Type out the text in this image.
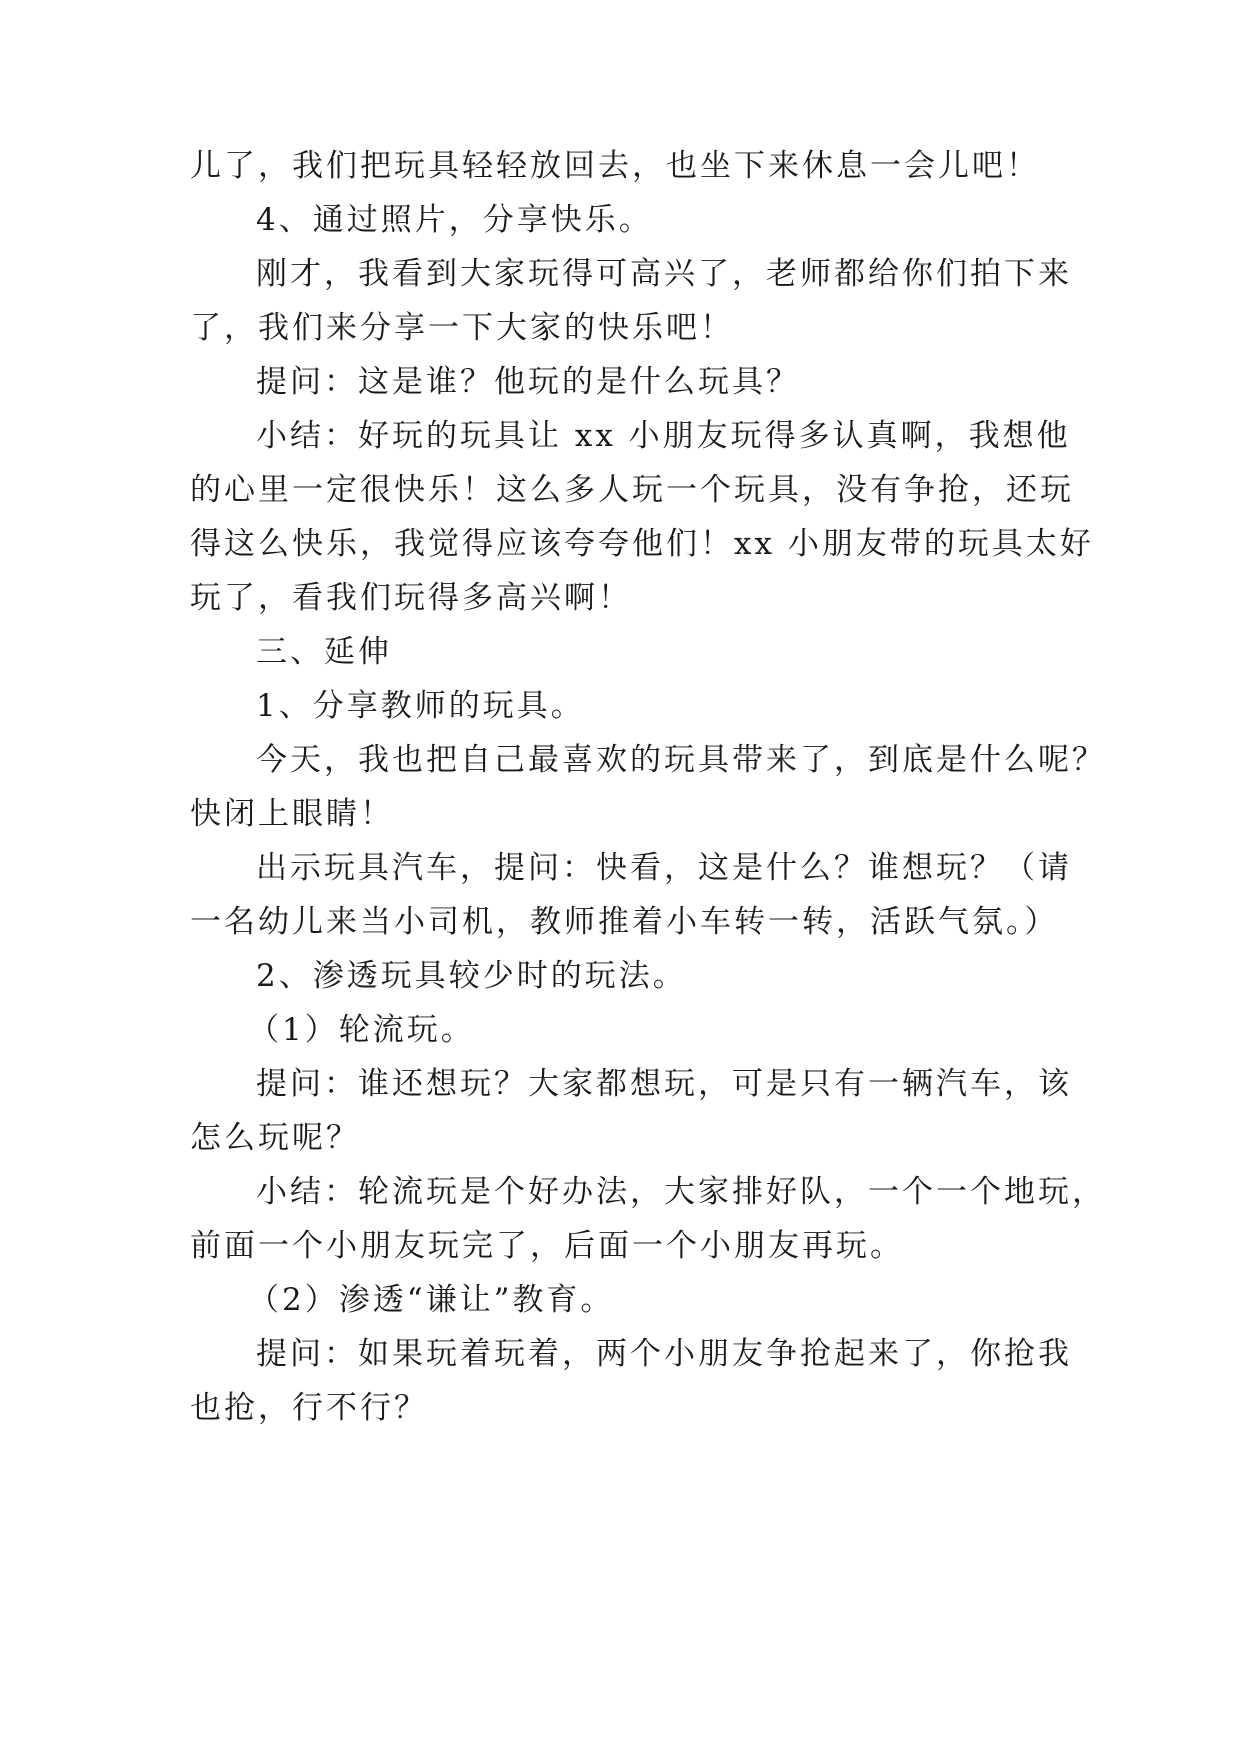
儿了，我们把玩具轻轻放回去，也坐下来休息一会儿吧！
4、通过照片，分享快乐。
刚才，我看到大家玩得可高兴了，老师都给你们拍下来
了，我们来分享一下大家的快乐吧！
提问：这是谁？他玩的是什么玩具？
小结：好玩的玩具让 xx 小朋友玩得多认真啊，我想他
的心里一定很快乐！这么多人玩一个玩具，没有争抢，还玩
得这么快乐，我觉得应该夸夸他们！xx 小朋友带的玩具太好
玩了，看我们玩得多高兴啊！
三、延伸
1、分享教师的玩具。
今天，我也把自己最喜欢的玩具带来了，到底是什么呢？
快闭上眼睛！
出示玩具汽车，提问：快看，这是什么？谁想玩？（请
一名幼儿来当小司机，教师推着小车转一转，活跃气氛。）
2、渗透玩具较少时的玩法。
（1）轮流玩。
提问：谁还想玩？大家都想玩，可是只有一辆汽车，该
怎么玩呢？
小结：轮流玩是个好办法，大家排好队，一个一个地玩，
前面一个小朋友玩完了，后面一个小朋友再玩。
（2）渗透“谦让”教育。
提问：如果玩着玩着，两个小朋友争抢起来了，你抢我
也抢，行不行？
